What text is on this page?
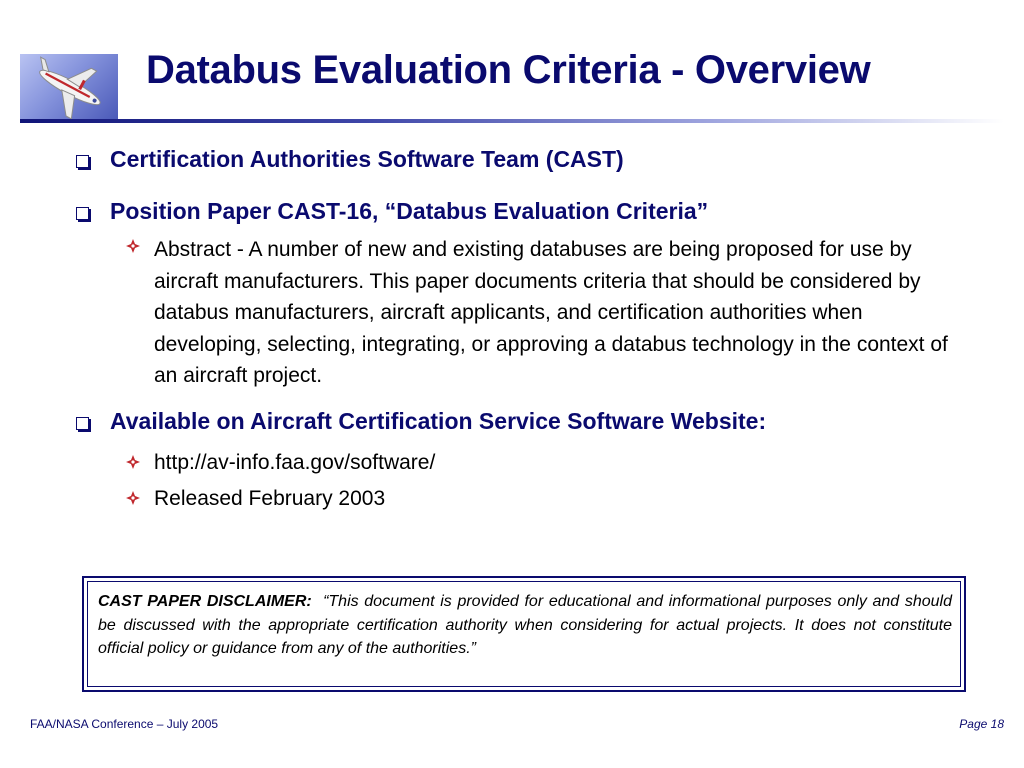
Databus Evaluation Criteria - Overview
Certification Authorities Software Team (CAST)
Position Paper CAST-16, “Databus Evaluation Criteria”
Abstract - A number of new and existing databuses are being proposed for use by aircraft manufacturers. This paper documents criteria that should be considered by databus manufacturers, aircraft applicants, and certification authorities when developing, selecting, integrating, or approving a databus technology in the context of an aircraft project.
Available on Aircraft Certification Service Software Website:
http://av-info.faa.gov/software/
Released February 2003
CAST PAPER DISCLAIMER: “This document is provided for educational and informational purposes only and should be discussed with the appropriate certification authority when considering for actual projects. It does not constitute official policy or guidance from any of the authorities.”
FAA/NASA Conference – July 2005	Page 18
